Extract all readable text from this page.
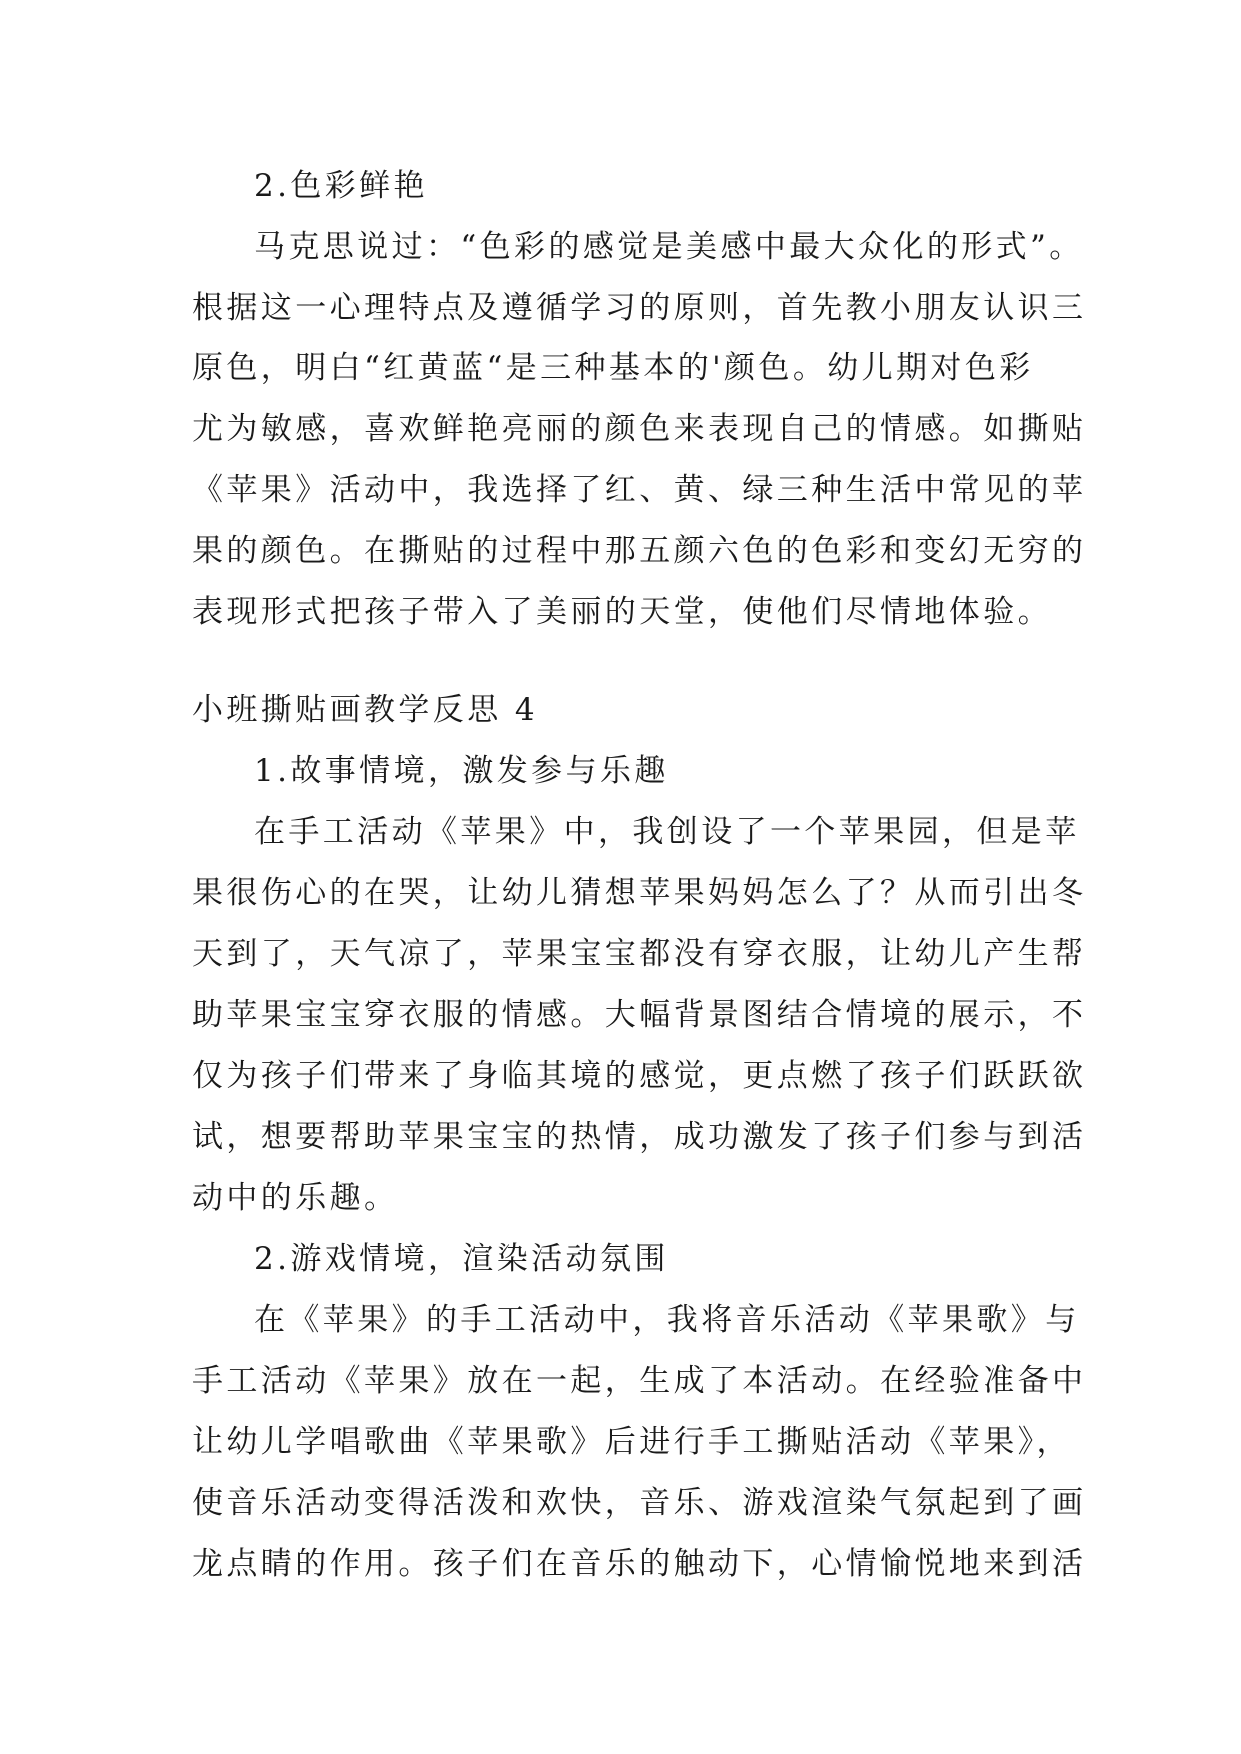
2.色彩鲜艳
马克思说过：“色彩的感觉是美感中最大众化的形式”。
根据这一心理特点及遵循学习的原则，首先教小朋友认识三
原色，明白“红黄蓝“是三种基本的'颜色。幼儿期对色彩
尤为敏感，喜欢鲜艳亮丽的颜色来表现自己的情感。如撕贴
《苹果》活动中，我选择了红、黄、绿三种生活中常见的苹
果的颜色。在撕贴的过程中那五颜六色的色彩和变幻无穷的
表现形式把孩子带入了美丽的天堂，使他们尽情地体验。
小班撕贴画教学反思 4
1.故事情境，激发参与乐趣
在手工活动《苹果》中，我创设了一个苹果园，但是苹
果很伤心的在哭，让幼儿猜想苹果妈妈怎么了？从而引出冬
天到了，天气凉了，苹果宝宝都没有穿衣服，让幼儿产生帮
助苹果宝宝穿衣服的情感。大幅背景图结合情境的展示，不
仅为孩子们带来了身临其境的感觉，更点燃了孩子们跃跃欲
试，想要帮助苹果宝宝的热情，成功激发了孩子们参与到活
动中的乐趣。
2.游戏情境，渲染活动氛围
在《苹果》的手工活动中，我将音乐活动《苹果歌》与
手工活动《苹果》放在一起，生成了本活动。在经验准备中
让幼儿学唱歌曲《苹果歌》后进行手工撕贴活动《苹果》，
使音乐活动变得活泼和欢快，音乐、游戏渲染气氛起到了画
龙点睛的作用。孩子们在音乐的触动下，心情愉悦地来到活
